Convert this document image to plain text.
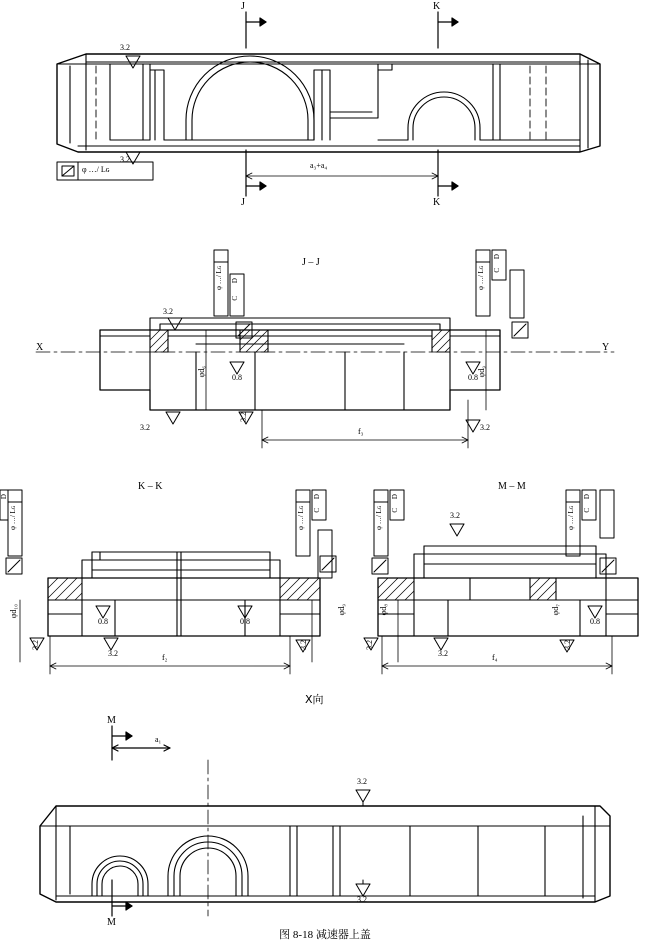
J
J
K
K
3.2
3.2
φ …/ Lɢ	a₃+a₄
J – J
X	Y
φ …/ Lɢ D
C
φ …/ Lɢ
D
C
3.2
0.8	0.8
3.2
3.2
3.2
φd₆	φd₉
f₃
K – K
φ …/ Lɢ
D
φ …/ Lɢ
D
C
0.8	0.8
3.2
3.2
3.2
φd₁₀	φd₉
f₂
M – M
φ …/ Lɢ
D
C	φ …/ Lɢ
D
C
3.2
0.8
3.2
3.2
3.2
φd₈	φd₇
f₄
X向
M
M
a₁
3.2
3.2
图 8-18 减速器上盖
